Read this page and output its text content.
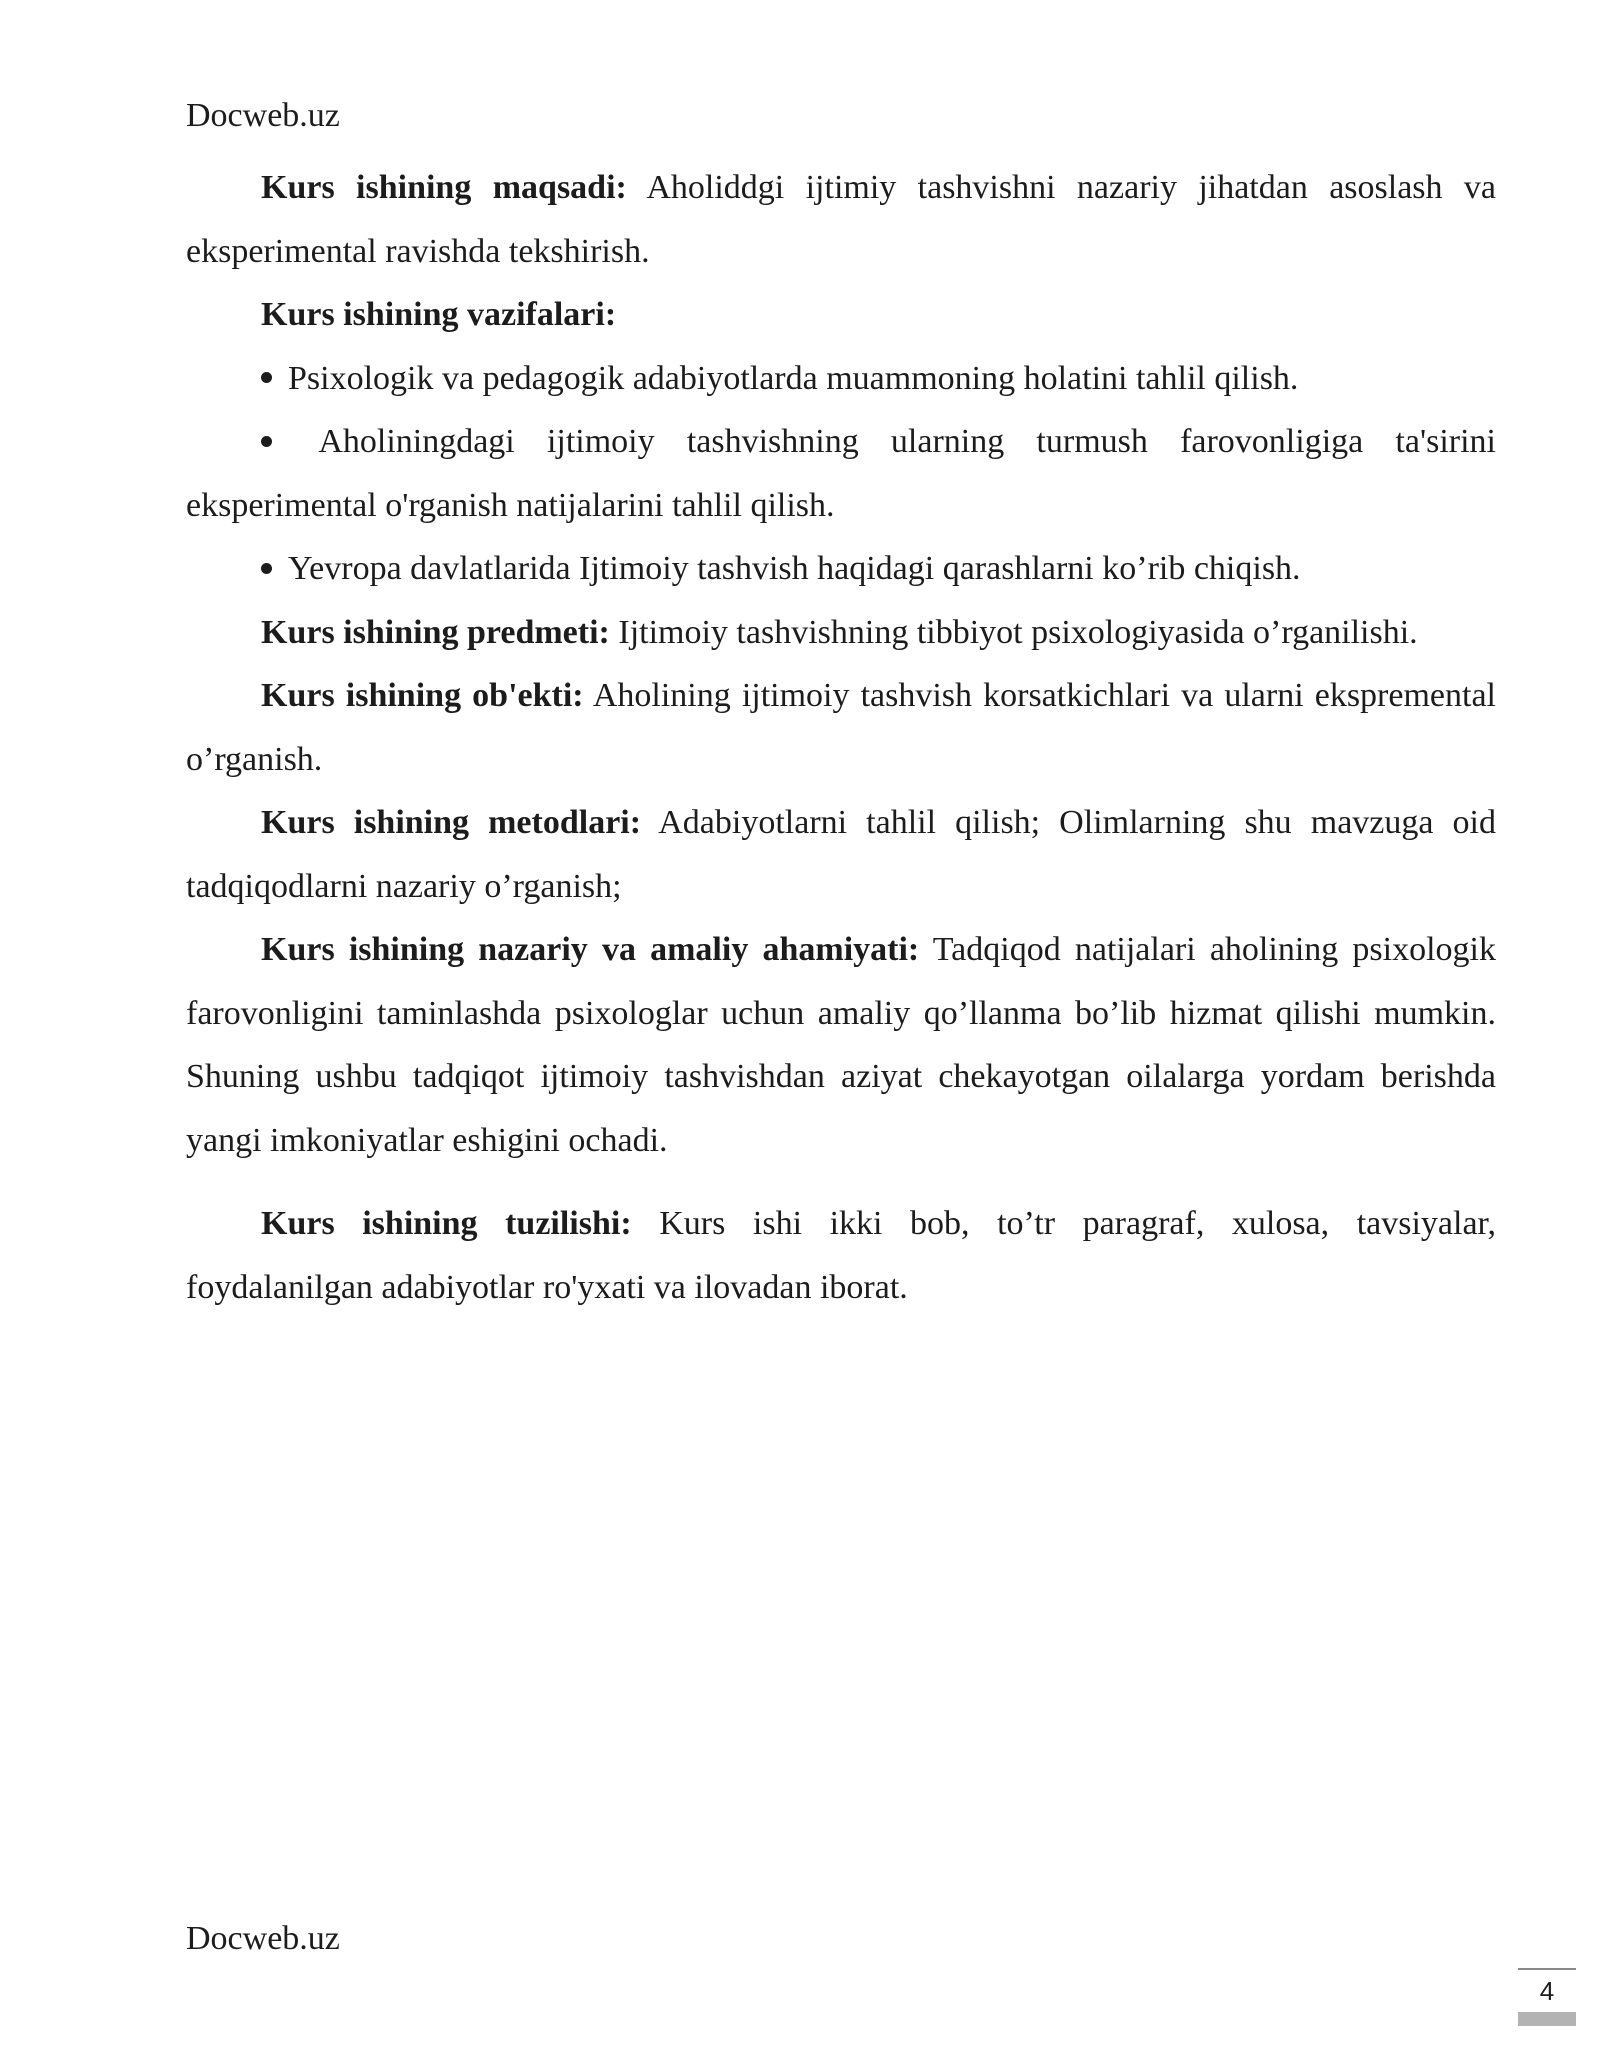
Docweb.uz

Kurs ishining maqsadi: Aholiddgi ijtimiy tashvishni nazariy jihatdan asoslash va eksperimental ravishda tekshirish.

Kurs ishining vazifalari:

Psixologik va pedagogik adabiyotlarda muammoning holatini tahlil qilish.

Aholiningdagi ijtimoiy tashvishning ularning turmush farovonligiga ta'sirini eksperimental o'rganish natijalarini tahlil qilish.

Yevropa davlatlarida Ijtimoiy tashvish haqidagi qarashlarni ko’rib chiqish.

Kurs ishining predmeti: Ijtimoiy tashvishning tibbiyot psixologiyasida o’rganilishi.

Kurs ishining ob'ekti: Aholining ijtimoiy tashvish korsatkichlari va ularni ekspremental o’rganish.

Kurs ishining metodlari: Adabiyotlarni tahlil qilish; Olimlarning shu mavzuga oid tadqiqodlarni nazariy o’rganish;

Kurs ishining nazariy va amaliy ahamiyati: Tadqiqod natijalari aholining psixologik farovonligini taminlashda psixologlar uchun amaliy qo’llanma bo’lib hizmat qilishi mumkin. Shuning ushbu tadqiqot ijtimoiy tashvishdan aziyat chekayotgan oilalarga yordam berishda yangi imkoniyatlar eshigini ochadi.

Kurs ishining tuzilishi: Kurs ishi ikki bob, to’tr paragraf, xulosa, tavsiyalar, foydalanilgan adabiyotlar ro'yxati va ilovadan iborat.

Docweb.uz
4
